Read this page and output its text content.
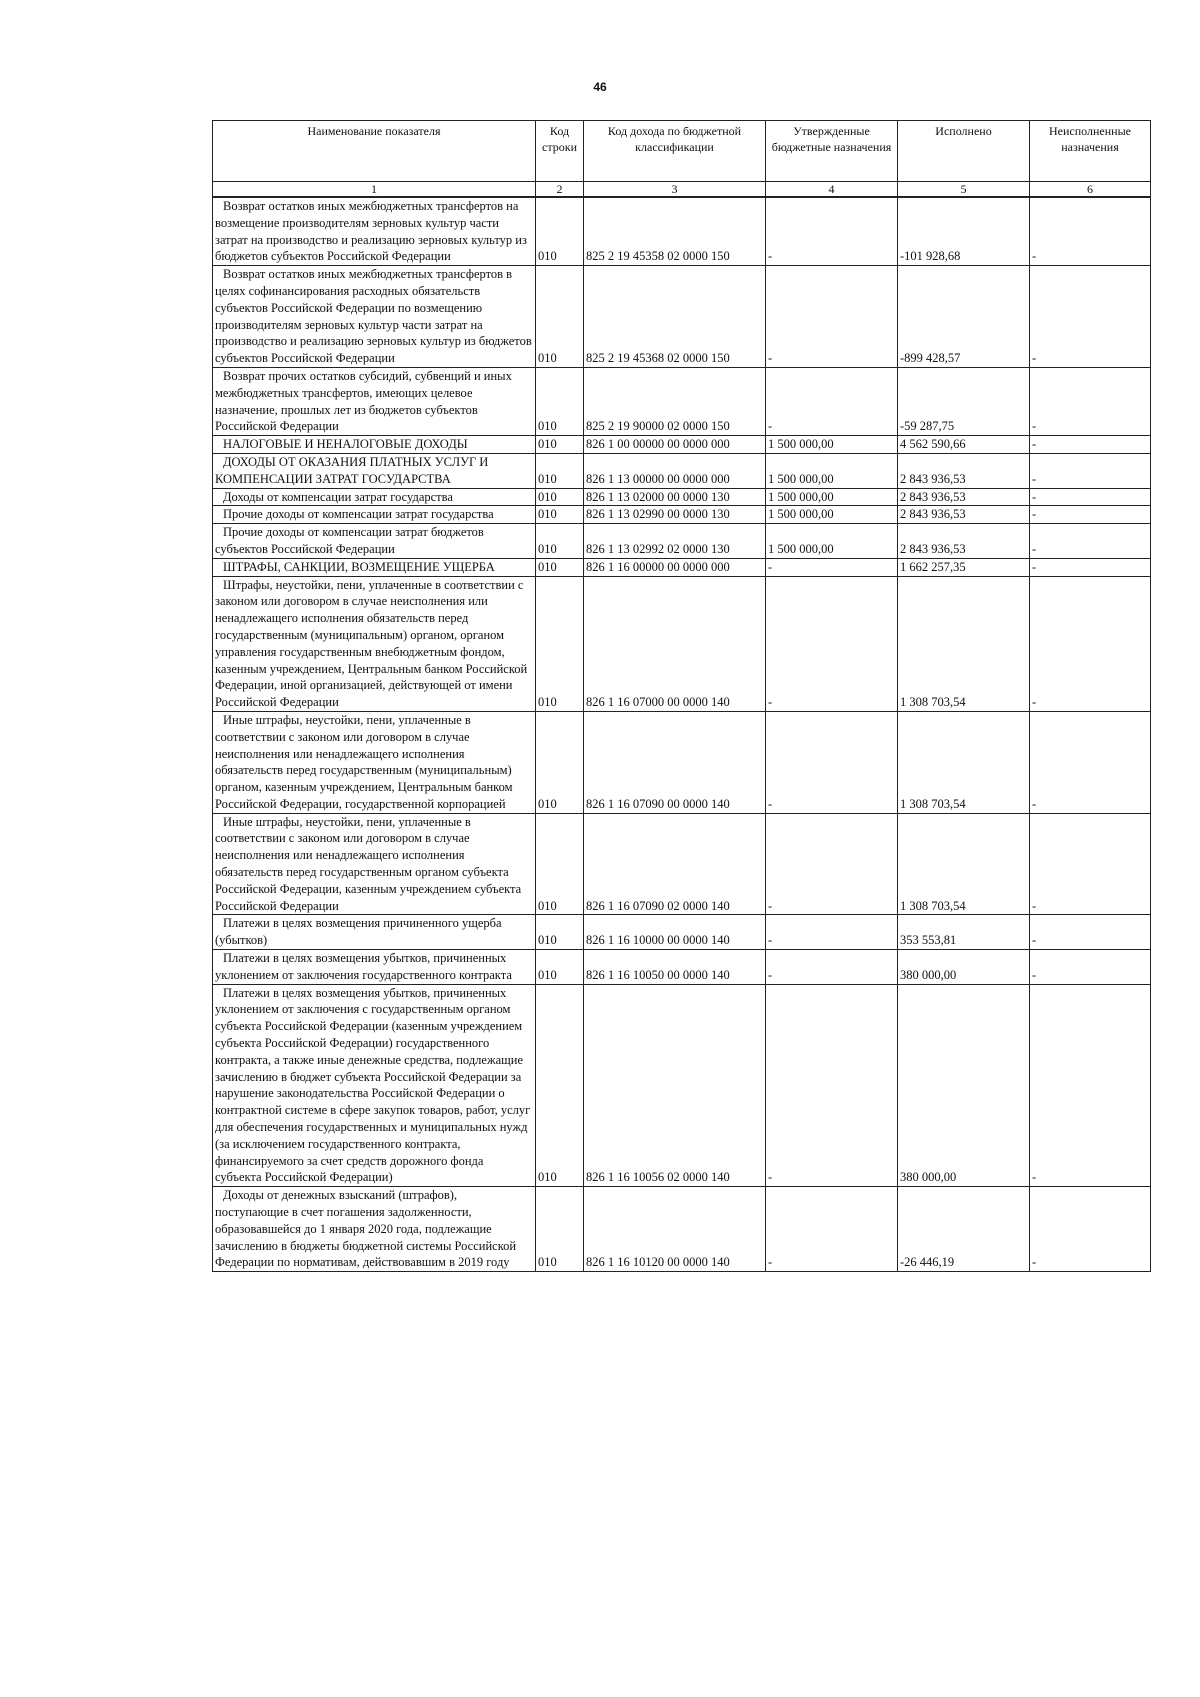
46
Наименование показателя	Код строки	Код дохода по бюджетной классификации	Утвержденные бюджетные назначения	Исполнено	Неисполненные назначения
1	2	3	4	5	6
Возврат остатков иных межбюджетных трансфертов на возмещение производителям зерновых культур части затрат на производство и реализацию зерновых культур из бюджетов субъектов Российской Федерации	010	825 2 19 45358 02 0000 150	-	-101 928,68	-
Возврат остатков иных межбюджетных трансфертов в целях софинансирования расходных обязательств субъектов Российской Федерации по возмещению производителям зерновых культур части затрат на производство и реализацию зерновых культур из бюджетов субъектов Российской Федерации	010	825 2 19 45368 02 0000 150	-	-899 428,57	-
Возврат прочих остатков субсидий, субвенций и иных межбюджетных трансфертов, имеющих целевое назначение, прошлых лет из бюджетов субъектов Российской Федерации	010	825 2 19 90000 02 0000 150	-	-59 287,75	-
НАЛОГОВЫЕ И НЕНАЛОГОВЫЕ ДОХОДЫ	010	826 1 00 00000 00 0000 000	1 500 000,00	4 562 590,66	-
ДОХОДЫ ОТ ОКАЗАНИЯ ПЛАТНЫХ УСЛУГ И КОМПЕНСАЦИИ ЗАТРАТ ГОСУДАРСТВА	010	826 1 13 00000 00 0000 000	1 500 000,00	2 843 936,53	-
Доходы от компенсации затрат государства	010	826 1 13 02000 00 0000 130	1 500 000,00	2 843 936,53	-
Прочие доходы от компенсации затрат государства	010	826 1 13 02990 00 0000 130	1 500 000,00	2 843 936,53	-
Прочие доходы от компенсации затрат бюджетов субъектов Российской Федерации	010	826 1 13 02992 02 0000 130	1 500 000,00	2 843 936,53	-
ШТРАФЫ, САНКЦИИ, ВОЗМЕЩЕНИЕ УЩЕРБА	010	826 1 16 00000 00 0000 000	-	1 662 257,35	-
Штрафы, неустойки, пени, уплаченные в соответствии с законом или договором в случае неисполнения или ненадлежащего исполнения обязательств перед государственным (муниципальным) органом, органом управления государственным внебюджетным фондом, казенным учреждением, Центральным банком Российской Федерации, иной организацией, действующей от имени Российской Федерации	010	826 1 16 07000 00 0000 140	-	1 308 703,54	-
Иные штрафы, неустойки, пени, уплаченные в соответствии с законом или договором в случае неисполнения или ненадлежащего исполнения обязательств перед государственным (муниципальным) органом, казенным учреждением, Центральным банком Российской Федерации, государственной корпорацией	010	826 1 16 07090 00 0000 140	-	1 308 703,54	-
Иные штрафы, неустойки, пени, уплаченные в соответствии с законом или договором в случае неисполнения или ненадлежащего исполнения обязательств перед государственным органом субъекта Российской Федерации, казенным учреждением субъекта Российской Федерации	010	826 1 16 07090 02 0000 140	-	1 308 703,54	-
Платежи в целях возмещения причиненного ущерба (убытков)	010	826 1 16 10000 00 0000 140	-	353 553,81	-
Платежи в целях возмещения убытков, причиненных уклонением от заключения государственного контракта	010	826 1 16 10050 00 0000 140	-	380 000,00	-
Платежи в целях возмещения убытков, причиненных уклонением от заключения с государственным органом субъекта Российской Федерации (казенным учреждением субъекта Российской Федерации) государственного контракта, а также иные денежные средства, подлежащие зачислению в бюджет субъекта Российской Федерации за нарушение законодательства Российской Федерации о контрактной системе в сфере закупок товаров, работ, услуг для обеспечения государственных и муниципальных нужд (за исключением государственного контракта, финансируемого за счет средств дорожного фонда субъекта Российской Федерации)	010	826 1 16 10056 02 0000 140	-	380 000,00	-
Доходы от денежных взысканий (штрафов), поступающие в счет погашения задолженности, образовавшейся до 1 января 2020 года, подлежащие зачислению в бюджеты бюджетной системы Российской Федерации по нормативам, действовавшим в 2019 году	010	826 1 16 10120 00 0000 140	-	-26 446,19	-
